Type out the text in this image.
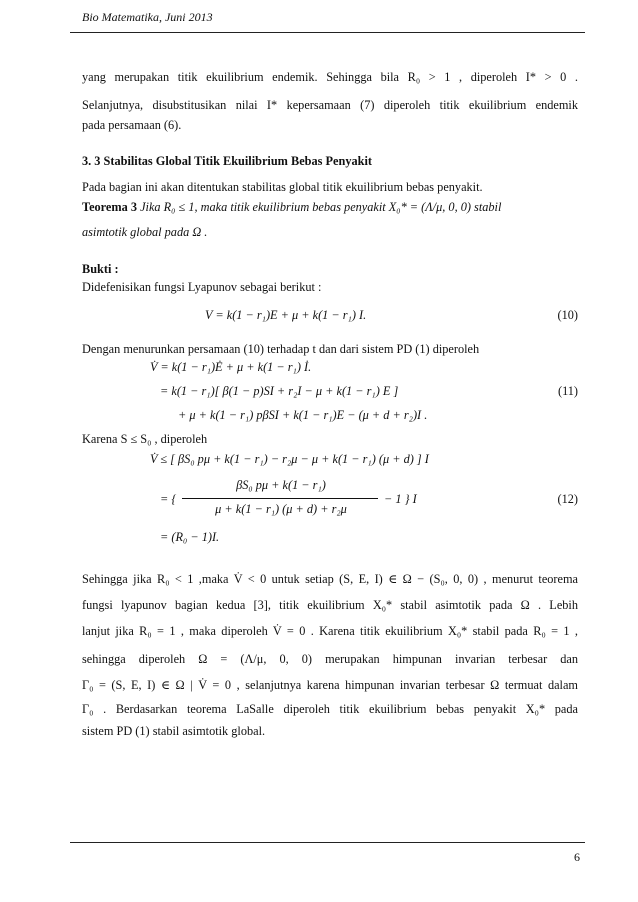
Bio Matematika, Juni 2013
yang merupakan titik ekuilibrium endemik. Sehingga bila R₀ > 1 , diperoleh I* > 0 .
Selanjutnya, disubstitusikan nilai I* kepersamaan (7) diperoleh titik ekuilibrium endemik
pada persamaan (6).
3. 3 Stabilitas Global Titik Ekuilibrium Bebas Penyakit
Pada bagian ini akan ditentukan stabilitas global titik ekuilibrium bebas penyakit.
Teorema 3 Jika R₀ ≤ 1, maka titik ekuilibrium bebas penyakit X₀* = (Λ/μ, 0, 0) stabil
asimtotik global pada Ω .
Bukti :
Didefenisikan fungsi Lyapunov sebagai berikut :
V = k(1 − r₁)E + μ + k(1 − r₁) I.	(10)
Dengan menurunkan persamaan (10) terhadap t dan dari sistem PD (1) diperoleh
V̇ = k(1 − r₁)Ė + μ + k(1 − r₁) İ.
= k(1 − r₁)[ β(1 − p)SI + r₂I − μ + k(1 − r₁) E ]	(11)
+ μ + k(1 − r₁) pβSI + k(1 − r₁)E − (μ + d + r₂)I .
Karena S ≤ S₀ , diperoleh
V̇ ≤ [ βS₀ pμ + k(1 − r₁) − r₂μ − μ + k(1 − r₁) (μ + d) ] I
= {
βS₀ pμ + k(1 − r₁)
μ + k(1 − r₁) (μ + d) + r₂μ
− 1 } I	(12)
= (R₀ − 1)I.
Sehingga jika R₀ < 1 ,maka V̇ < 0 untuk setiap (S, E, I) ∈ Ω − (S₀, 0, 0) , menurut teorema
fungsi lyapunov bagian kedua [3], titik ekuilibrium X₀* stabil asimtotik pada Ω . Lebih
lanjut jika R₀ = 1 , maka diperoleh V̇ = 0 . Karena titik ekuilibrium X₀* stabil pada R₀ = 1 ,
sehingga diperoleh Ω = (Λ/μ, 0, 0) merupakan himpunan invarian terbesar dan
Γ₀ = (S, E, I) ∈ Ω | V̇ = 0 , selanjutnya karena himpunan invarian terbesar Ω termuat dalam
Γ₀ . Berdasarkan teorema LaSalle diperoleh titik ekuilibrium bebas penyakit X₀* pada
sistem PD (1) stabil asimtotik global.
6
